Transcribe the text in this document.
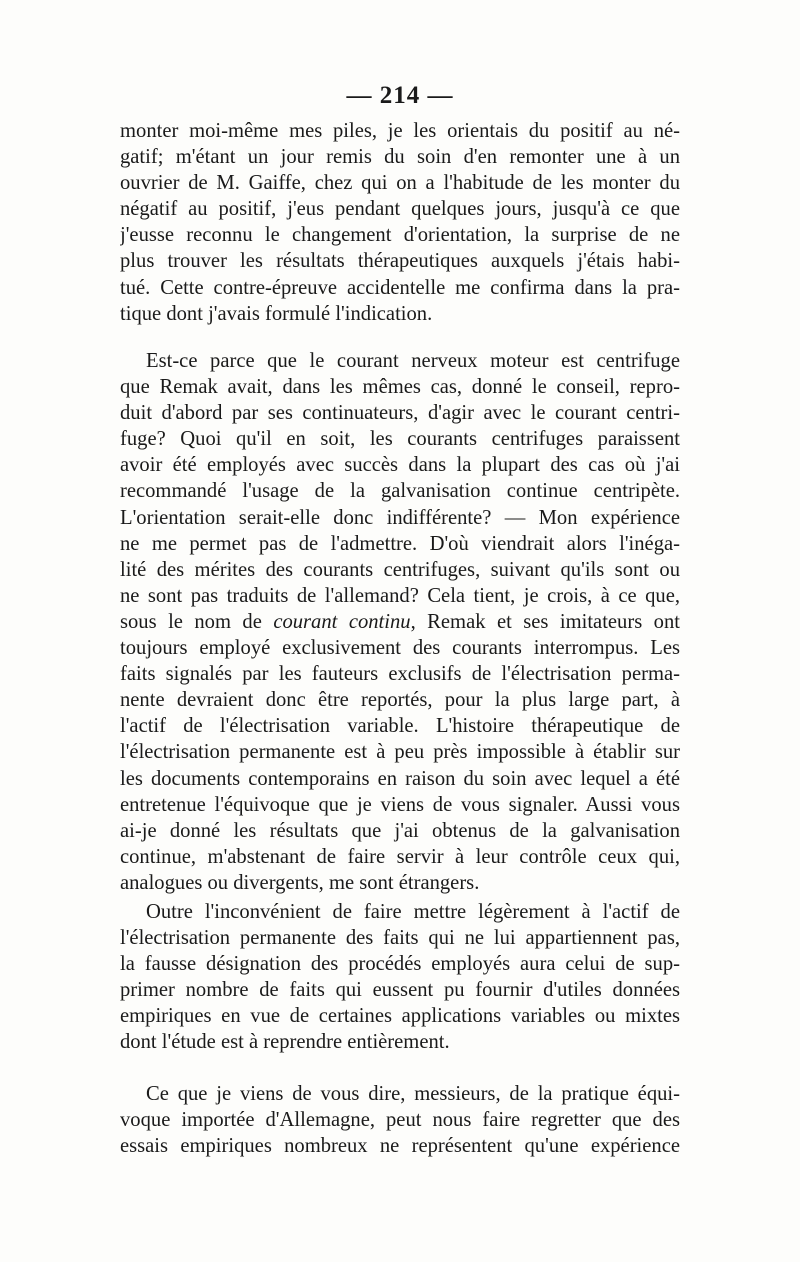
— 214 —
monter moi-même mes piles, je les orientais du positif au né-
gatif; m'étant un jour remis du soin d'en remonter une à un
ouvrier de M. Gaiffe, chez qui on a l'habitude de les monter du
négatif au positif, j'eus pendant quelques jours, jusqu'à ce que
j'eusse reconnu le changement d'orientation, la surprise de ne
plus trouver les résultats thérapeutiques auxquels j'étais habi-
tué. Cette contre-épreuve accidentelle me confirma dans la pra-
tique dont j'avais formulé l'indication.
Est-ce parce que le courant nerveux moteur est centrifuge
que Remak avait, dans les mêmes cas, donné le conseil, repro-
duit d'abord par ses continuateurs, d'agir avec le courant centri-
fuge? Quoi qu'il en soit, les courants centrifuges paraissent
avoir été employés avec succès dans la plupart des cas où j'ai
recommandé l'usage de la galvanisation continue centripète.
L'orientation serait-elle donc indifférente? — Mon expérience
ne me permet pas de l'admettre. D'où viendrait alors l'inéga-
lité des mérites des courants centrifuges, suivant qu'ils sont ou
ne sont pas traduits de l'allemand? Cela tient, je crois, à ce que,
sous le nom de courant continu, Remak et ses imitateurs ont
toujours employé exclusivement des courants interrompus. Les
faits signalés par les fauteurs exclusifs de l'électrisation perma-
nente devraient donc être reportés, pour la plus large part, à
l'actif de l'électrisation variable. L'histoire thérapeutique de
l'électrisation permanente est à peu près impossible à établir sur
les documents contemporains en raison du soin avec lequel a été
entretenue l'équivoque que je viens de vous signaler. Aussi vous
ai-je donné les résultats que j'ai obtenus de la galvanisation
continue, m'abstenant de faire servir à leur contrôle ceux qui,
analogues ou divergents, me sont étrangers.
Outre l'inconvénient de faire mettre légèrement à l'actif de
l'électrisation permanente des faits qui ne lui appartiennent pas,
la fausse désignation des procédés employés aura celui de sup-
primer nombre de faits qui eussent pu fournir d'utiles données
empiriques en vue de certaines applications variables ou mixtes
dont l'étude est à reprendre entièrement.
Ce que je viens de vous dire, messieurs, de la pratique équi-
voque importée d'Allemagne, peut nous faire regretter que des
essais empiriques nombreux ne représentent qu'une expérience
